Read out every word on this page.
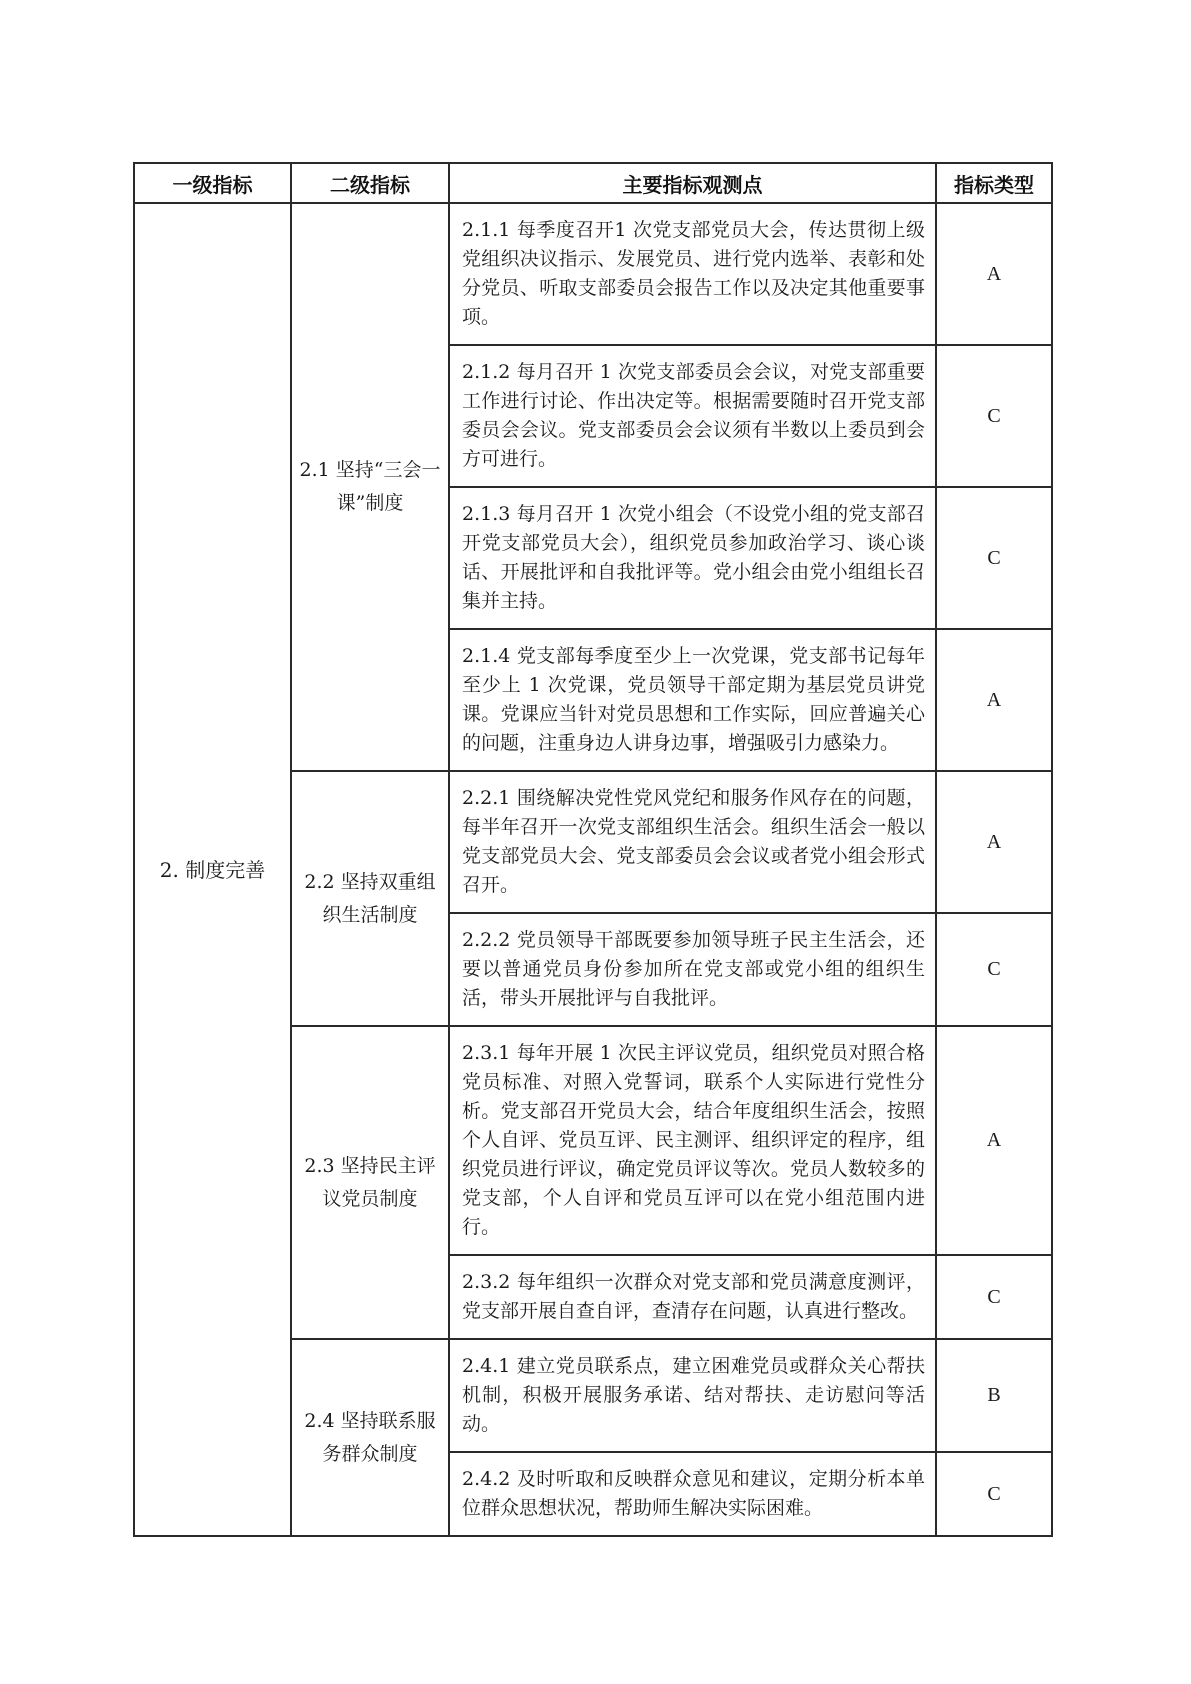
一级指标	二级指标	主要指标观测点	指标类型
2. 制度完善	2.1 坚持“三会一课”制度	2.1.1 每季度召开1 次党支部党员大会，传达贯彻上级党组织决议指示、发展党员、进行党内选举、表彰和处分党员、听取支部委员会报告工作以及决定其他重要事项。	A
		2.1.2 每月召开 1 次党支部委员会会议，对党支部重要工作进行讨论、作出决定等。根据需要随时召开党支部委员会会议。党支部委员会会议须有半数以上委员到会方可进行。	C
		2.1.3 每月召开 1 次党小组会（不设党小组的党支部召开党支部党员大会），组织党员参加政治学习、谈心谈话、开展批评和自我批评等。党小组会由党小组组长召集并主持。	C
		2.1.4 党支部每季度至少上一次党课，党支部书记每年至少上 1 次党课，党员领导干部定期为基层党员讲党课。党课应当针对党员思想和工作实际，回应普遍关心的问题，注重身边人讲身边事，增强吸引力感染力。	A
	2.2 坚持双重组织生活制度	2.2.1 围绕解决党性党风党纪和服务作风存在的问题，每半年召开一次党支部组织生活会。组织生活会一般以党支部党员大会、党支部委员会会议或者党小组会形式召开。	A
		2.2.2 党员领导干部既要参加领导班子民主生活会，还要以普通党员身份参加所在党支部或党小组的组织生活，带头开展批评与自我批评。	C
	2.3 坚持民主评议党员制度	2.3.1 每年开展 1 次民主评议党员，组织党员对照合格党员标准、对照入党誓词，联系个人实际进行党性分析。党支部召开党员大会，结合年度组织生活会，按照个人自评、党员互评、民主测评、组织评定的程序，组织党员进行评议，确定党员评议等次。党员人数较多的党支部，个人自评和党员互评可以在党小组范围内进行。	A
		2.3.2 每年组织一次群众对党支部和党员满意度测评，党支部开展自查自评，查清存在问题，认真进行整改。	C
	2.4 坚持联系服务群众制度	2.4.1 建立党员联系点，建立困难党员或群众关心帮扶机制，积极开展服务承诺、结对帮扶、走访慰问等活动。	B
		2.4.2 及时听取和反映群众意见和建议，定期分析本单位群众思想状况，帮助师生解决实际困难。	C
